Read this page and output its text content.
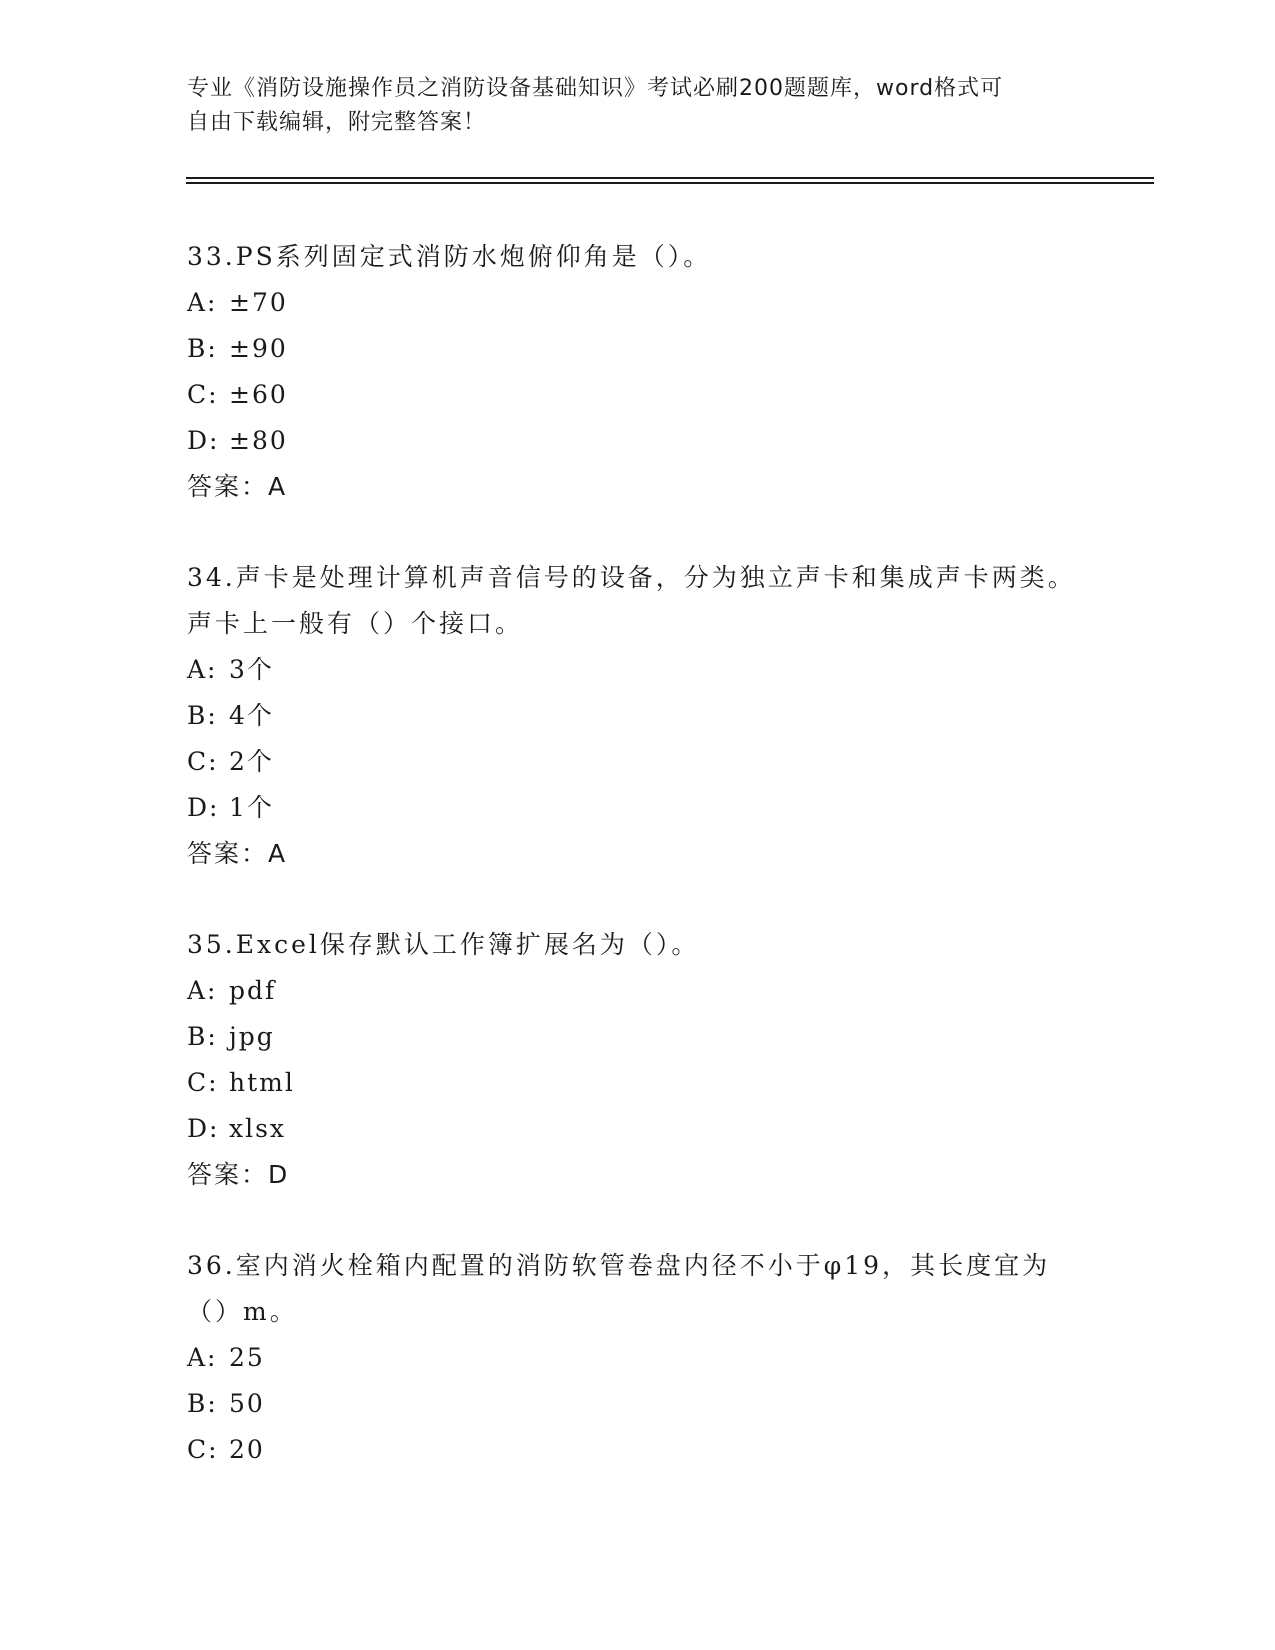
专业《消防设施操作员之消防设备基础知识》考试必刷200题题库，word格式可
自由下载编辑，附完整答案！
33.PS系列固定式消防水炮俯仰角是（）。
A: ±70
B: ±90
C: ±60
D: ±80
答案：A
34.声卡是处理计算机声音信号的设备，分为独立声卡和集成声卡两类。声卡上一般有（）个接口。
A: 3个
B: 4个
C: 2个
D: 1个
答案：A
35.Excel保存默认工作簿扩展名为（）。
A: pdf
B: jpg
C: html
D: xlsx
答案：D
36.室内消火栓箱内配置的消防软管卷盘内径不小于φ19，其长度宜为（）m。
A: 25
B: 50
C: 20
